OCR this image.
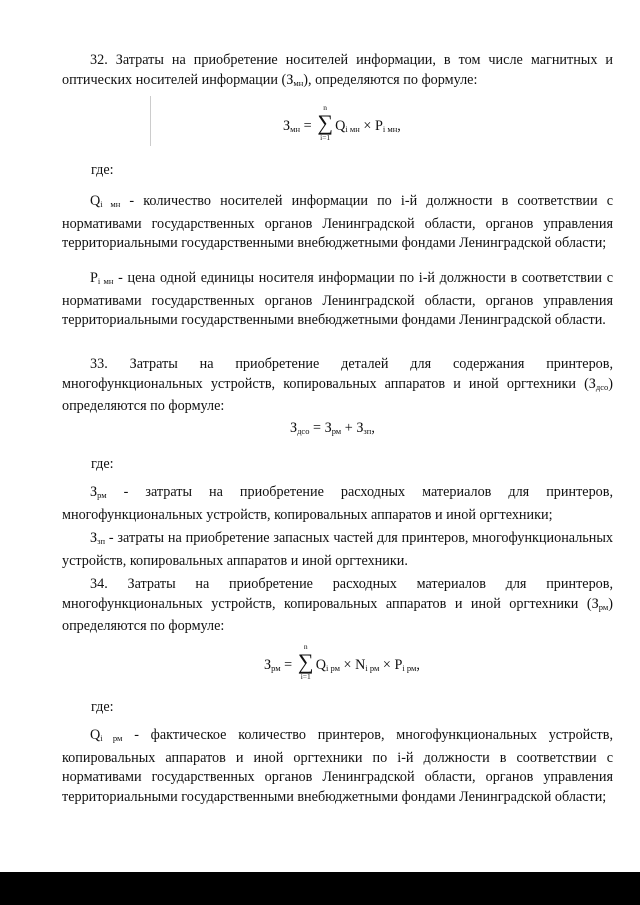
32. Затраты на приобретение носителей информации, в том числе магнитных и оптических носителей информации $(З_{мн})$, определяются по формуле:

$З_{мн}$ =
n
∑
i=1
$Q_{i мн} \times P_{i мн}$,

где:

$Q_{i мн}$ - количество носителей информации по i-й должности в соответствии с нормативами государственных органов Ленинградской области, органов управления территориальными государственными внебюджетными фондами Ленинградской области;

$P_{i мн}$ - цена одной единицы носителя информации по i-й должности в соответствии с нормативами государственных органов Ленинградской области, органов управления территориальными государственными внебюджетными фондами Ленинградской области.

33. Затраты на приобретение деталей для содержания принтеров, многофункциональных устройств, копировальных аппаратов и иной оргтехники $(З_{дсо})$ определяются по формуле:

$З_{дсо} = З_{рм} + З_{зп}$,

где:

$З_{рм}$ - затраты на приобретение расходных материалов для принтеров, многофункциональных устройств, копировальных аппаратов и иной оргтехники;

$З_{зп}$ - затраты на приобретение запасных частей для принтеров, многофункциональных устройств, копировальных аппаратов и иной оргтехники.

34. Затраты на приобретение расходных материалов для принтеров, многофункциональных устройств, копировальных аппаратов и иной оргтехники $(З_{рм})$ определяются по формуле:

$З_{рм}$ =
n
∑
i=1
$Q_{i рм} \times N_{i рм} \times P_{i рм}$,

где:

$Q_{i рм}$ - фактическое количество принтеров, многофункциональных устройств, копировальных аппаратов и иной оргтехники по i-й должности в соответствии с нормативами государственных органов Ленинградской области, органов управления территориальными государственными внебюджетными фондами Ленинградской области;
